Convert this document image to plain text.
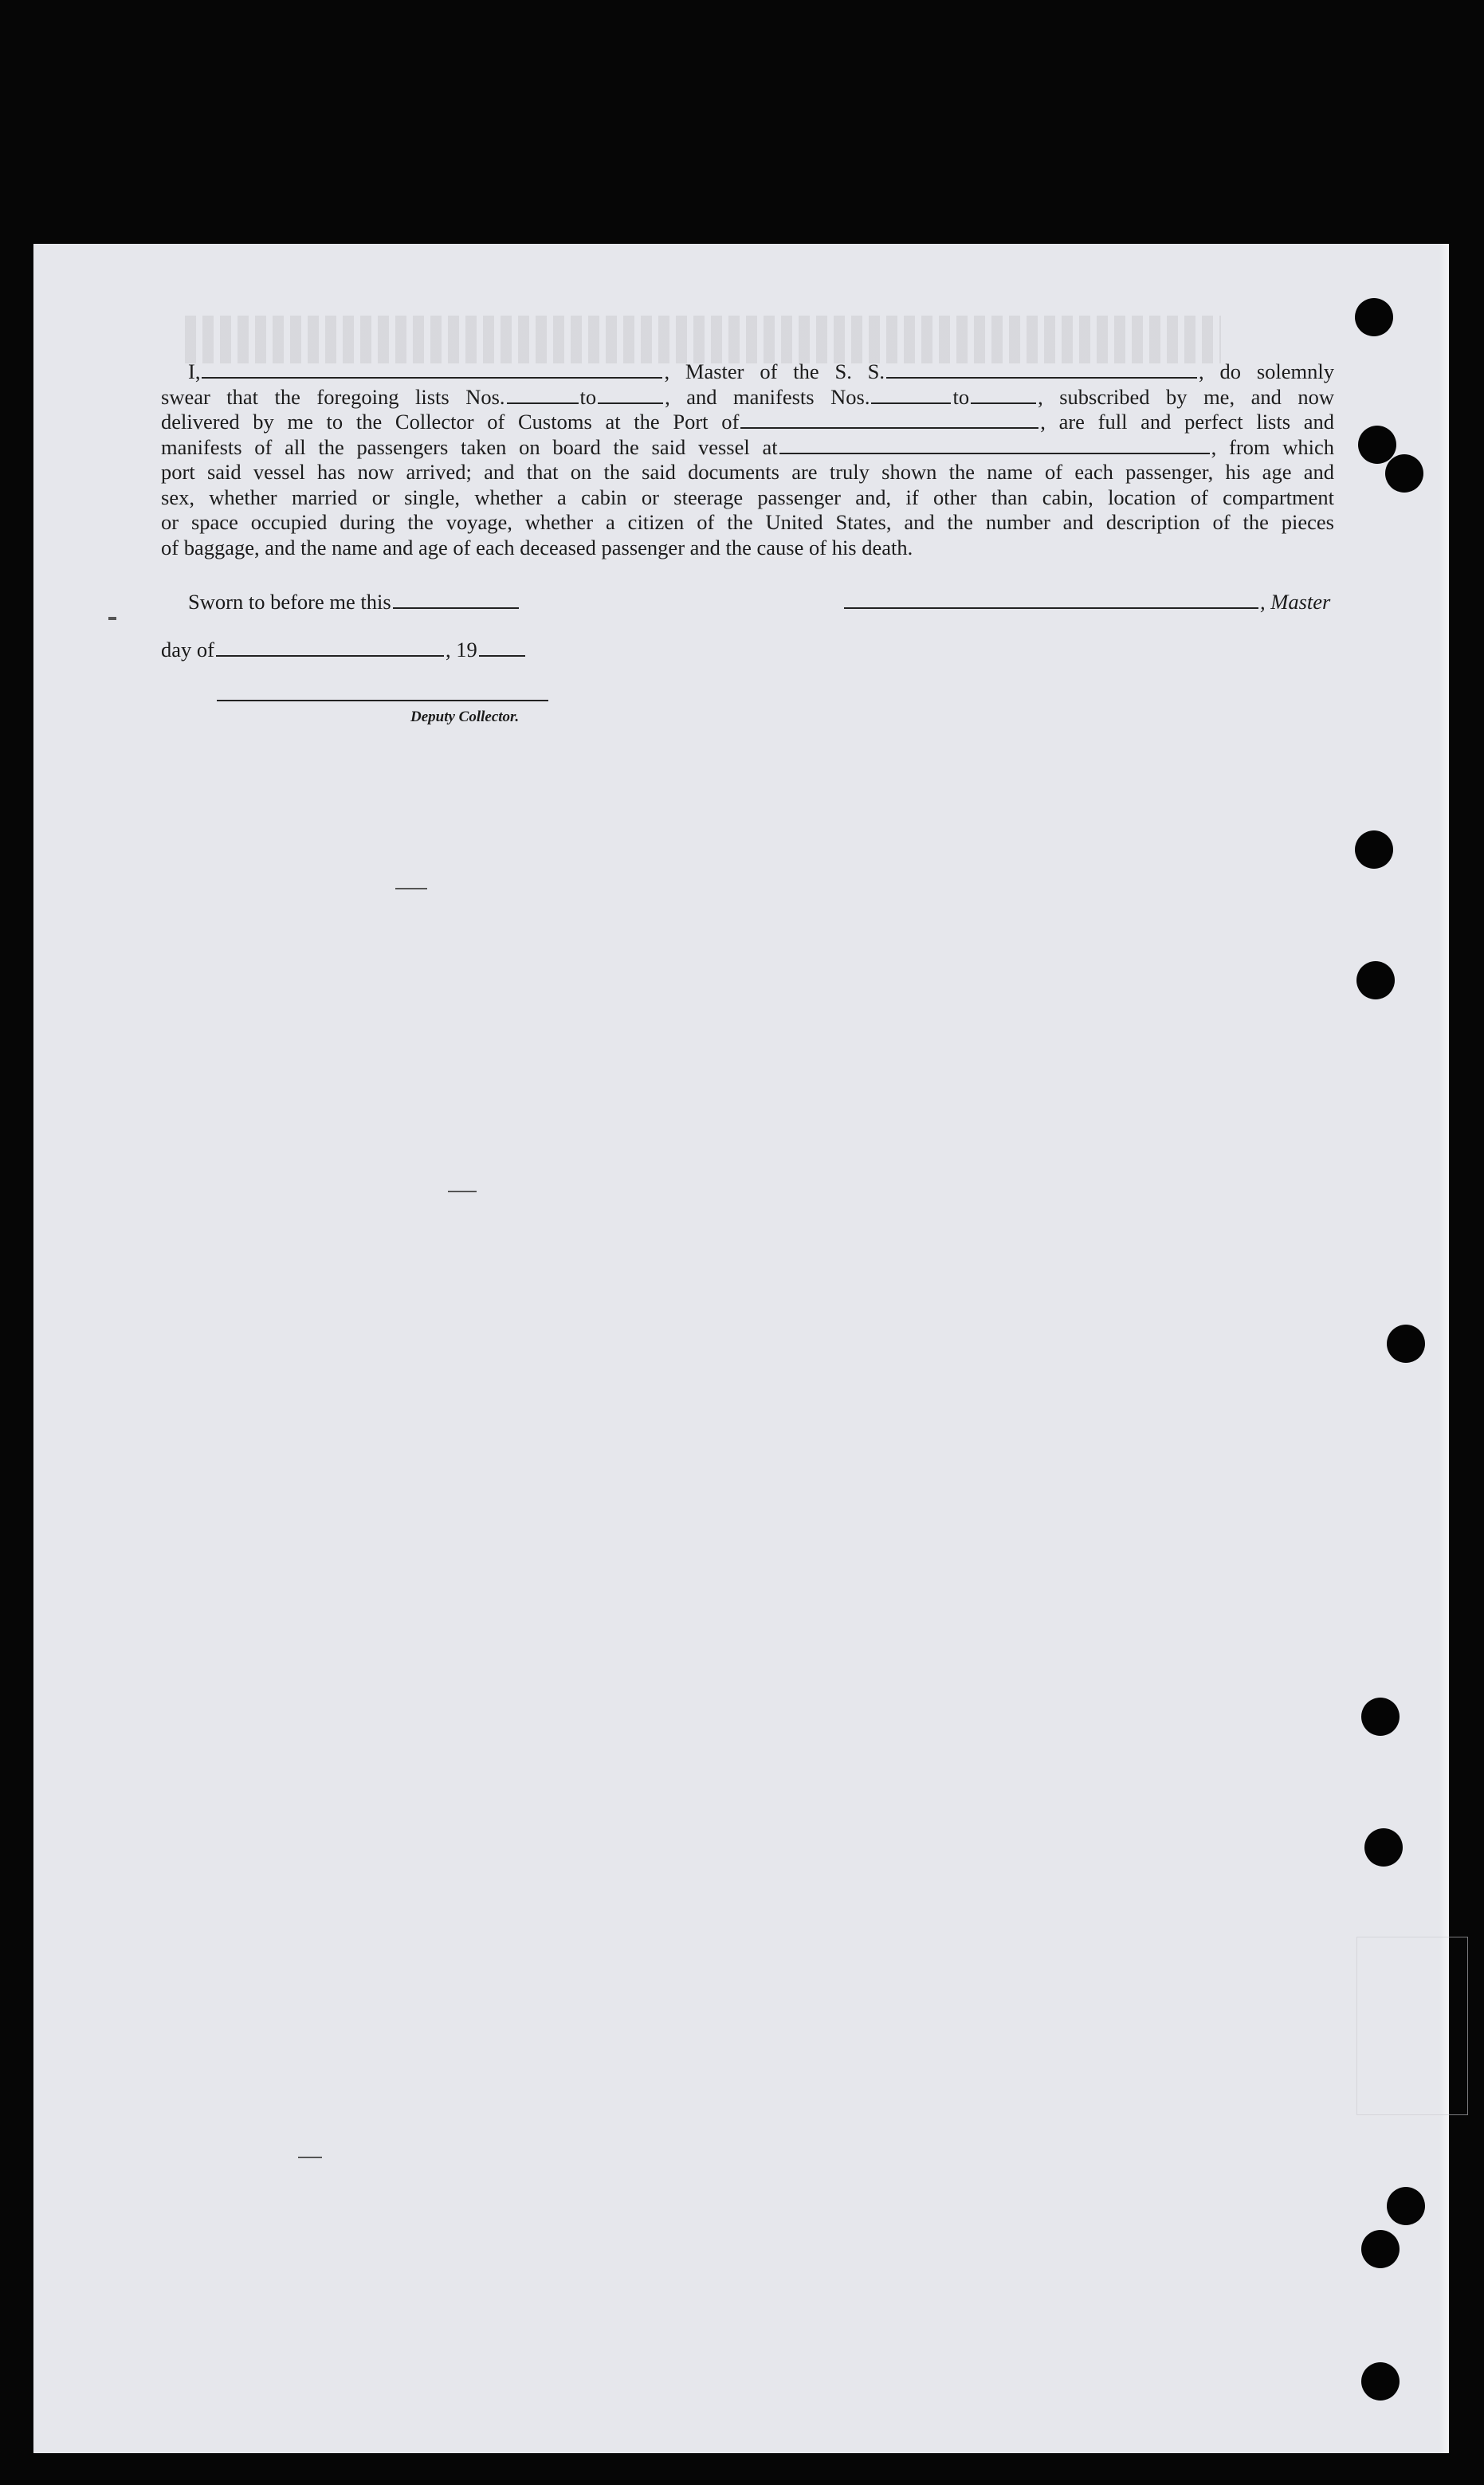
I,	, Master of the S. S.	, do solemnly
swear that the foregoing lists Nos.	to	, and manifests Nos.	to	, subscribed by me, and now
delivered by me to the Collector of Customs at the Port of	, are full and perfect lists and
manifests of all the passengers taken on board the said vessel at	, from which
port said vessel has now arrived; and that on the said documents are truly shown the name of each passenger, his age and
sex, whether married or single, whether a cabin or steerage passenger and, if other than cabin, location of compartment
or space occupied during the voyage, whether a citizen of the United States, and the number and description of the pieces
of baggage, and the name and age of each deceased passenger and the cause of his death.
Sworn to before me this
day of	, 19
, Master
Deputy Collector.
